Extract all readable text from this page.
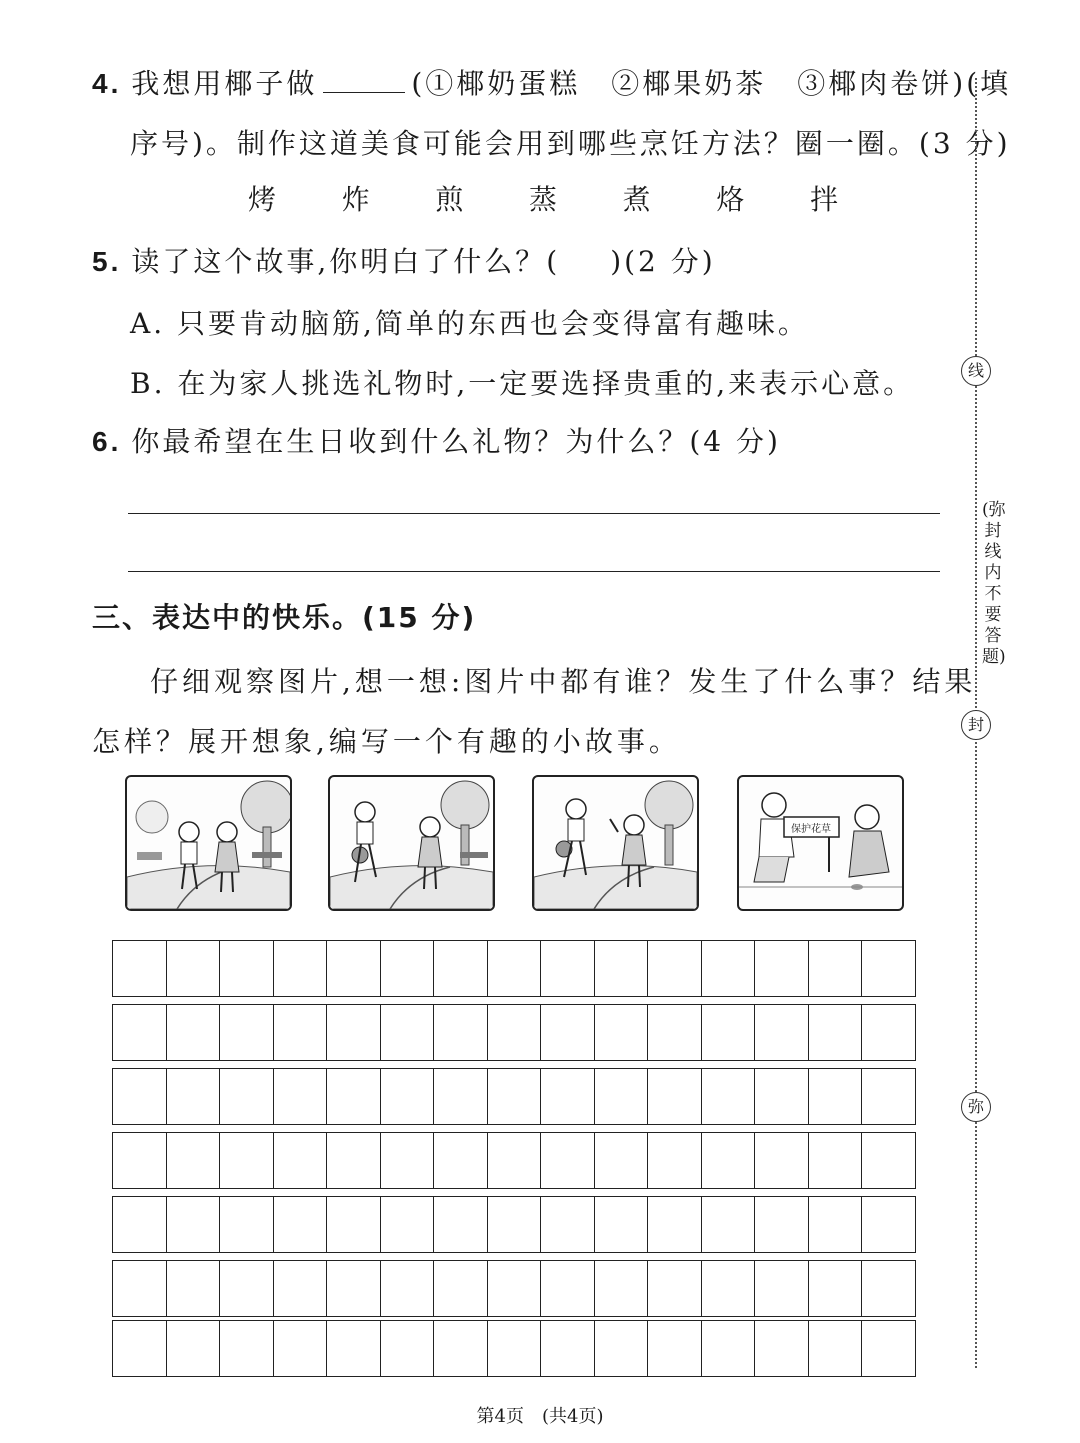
4. 我想用椰子做	(①椰奶蛋糕　②椰果奶茶　③椰肉卷饼)(填
序号)。制作这道美食可能会用到哪些烹饪方法？圈一圈。(3 分)
烤 炸 煎 蒸 煮 烙 拌
5. 读了这个故事,你明白了什么？( )(2 分)
A. 只要肯动脑筋,简单的东西也会变得富有趣味。
B. 在为家人挑选礼物时,一定要选择贵重的,来表示心意。
6. 你最希望在生日收到什么礼物？为什么？(4 分)
三、表达中的快乐。(15 分)
仔细观察图片,想一想:图片中都有谁？发生了什么事？结果
怎样？展开想象,编写一个有趣的小故事。
保护花草
第4页　(共4页)
线
(弥封线内不要答题)
封
弥
